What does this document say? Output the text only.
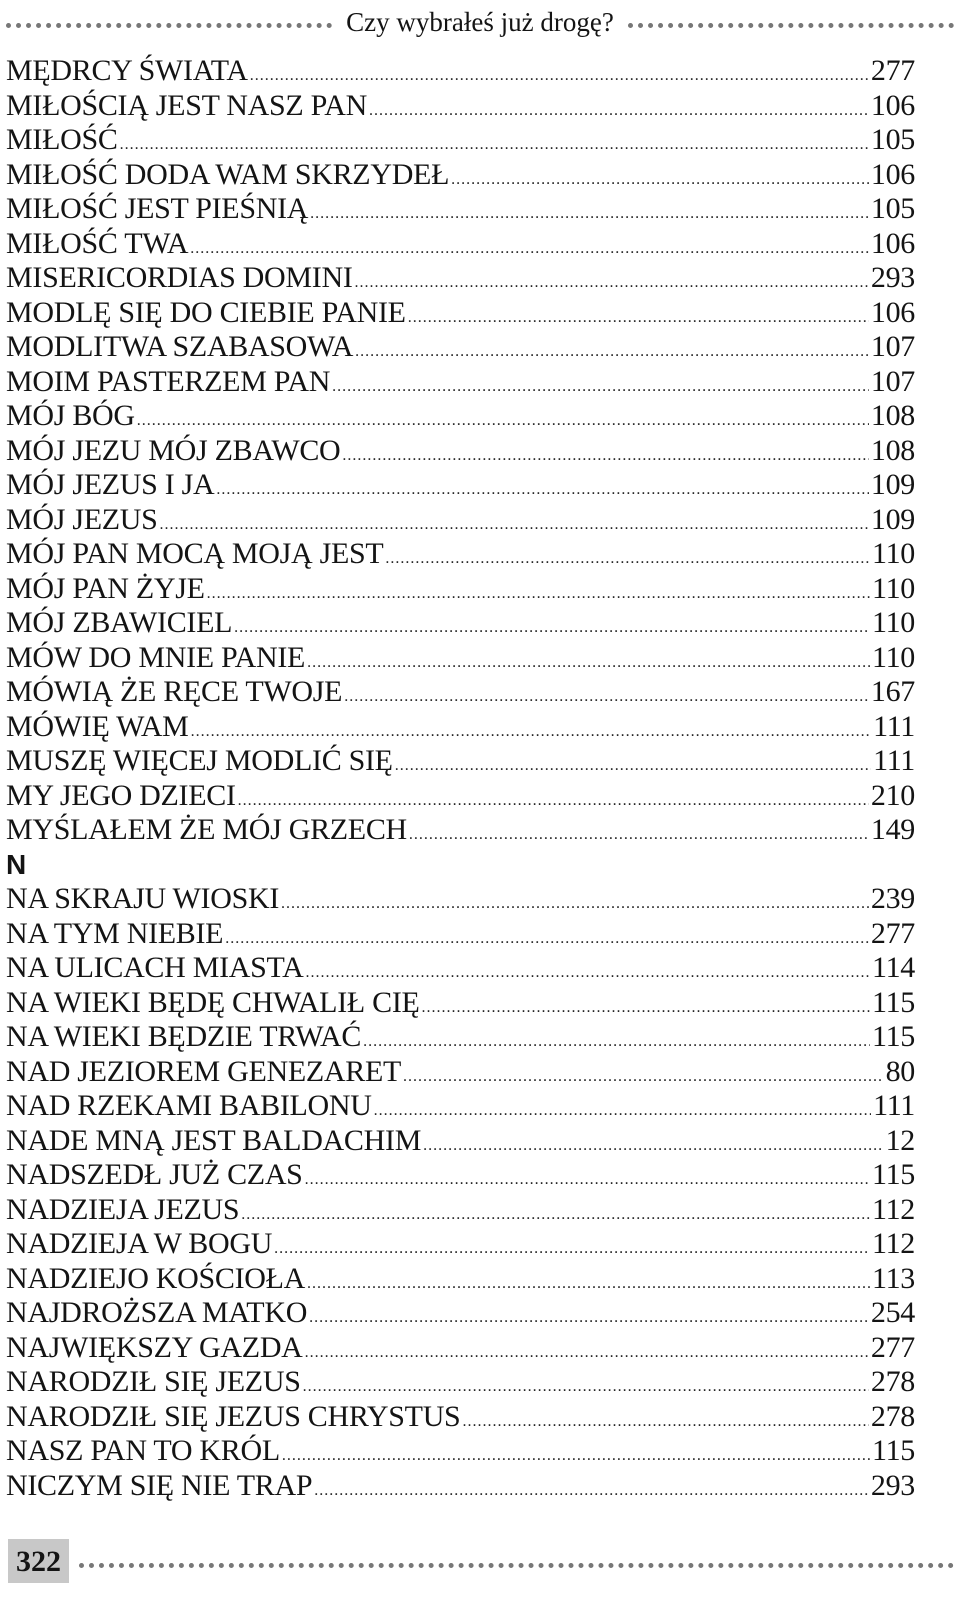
Czy wybrałeś już drogę?
MĘDRCY ŚWIATA .....	277
MIŁOŚCIĄ JEST NASZ PAN .....	106
MIŁOŚĆ .....	105
MIŁOŚĆ DODA WAM SKRZYDEŁ .....	106
MIŁOŚĆ JEST PIEŚNIĄ .....	105
MIŁOŚĆ TWA .....	106
MISERICORDIAS DOMINI .....	293
MODLĘ SIĘ DO CIEBIE PANIE .....	106
MODLITWA SZABASOWA .....	107
MOIM PASTERZEM PAN .....	107
MÓJ BÓG .....	108
MÓJ JEZU MÓJ ZBAWCO .....	108
MÓJ JEZUS I JA .....	109
MÓJ JEZUS .....	109
MÓJ PAN MOCĄ MOJĄ JEST .....	110
MÓJ PAN ŻYJE .....	110
MÓJ ZBAWICIEL .....	110
MÓW DO MNIE PANIE .....	110
MÓWIĄ ŻE RĘCE TWOJE .....	167
MÓWIĘ WAM .....	111
MUSZĘ WIĘCEJ MODLIĆ SIĘ .....	111
MY JEGO DZIECI .....	210
MYŚLAŁEM ŻE MÓJ GRZECH .....	149
N
NA SKRAJU WIOSKI .....	239
NA TYM NIEBIE .....	277
NA ULICACH MIASTA .....	114
NA WIEKI BĘDĘ CHWALIŁ CIĘ .....	115
NA WIEKI BĘDZIE TRWAĆ .....	115
NAD JEZIOREM GENEZARET .....	80
NAD RZEKAMI BABILONU .....	111
NADE MNĄ JEST BALDACHIM .....	12
NADSZEDŁ JUŻ CZAS .....	115
NADZIEJA JEZUS .....	112
NADZIEJA W BOGU .....	112
NADZIEJO KOŚCIOŁA .....	113
NAJDROŻSZA MATKO .....	254
NAJWIĘKSZY GAZDA .....	277
NARODZIŁ SIĘ JEZUS .....	278
NARODZIŁ SIĘ JEZUS CHRYSTUS .....	278
NASZ PAN TO KRÓL .....	115
NICZYM SIĘ NIE TRAP .....	293
322
